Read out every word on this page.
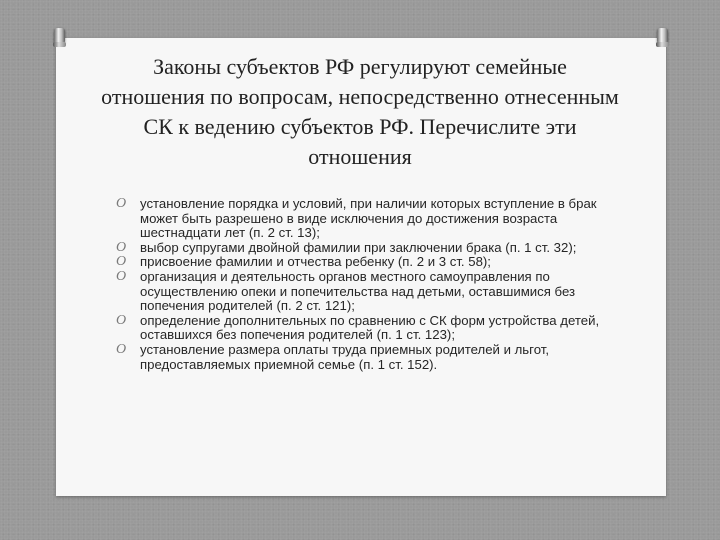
Законы субъектов РФ регулируют семейные отношения по вопросам, непосредственно отнесенным СК к ведению субъектов РФ. Перечислите эти отношения
O установление порядка и условий, при наличии которых вступление в брак может быть разрешено в виде исключения до достижения возраста шестнадцати лет (п. 2 ст. 13);
O выбор супругами двойной фамилии при заключении брака (п. 1 ст. 32);
O присвоение фамилии и отчества ребенку (п. 2 и 3 ст. 58);
O организация и деятельность органов местного самоуправления по осуществлению опеки и попечительства над детьми, оставшимися без попечения родителей (п. 2 ст. 121);
O определение дополнительных по сравнению с СК форм устройства детей, оставшихся без попечения родителей (п. 1 ст. 123);
O установление размера оплаты труда приемных родителей и льгот, предоставляемых приемной семье (п. 1 ст. 152).
